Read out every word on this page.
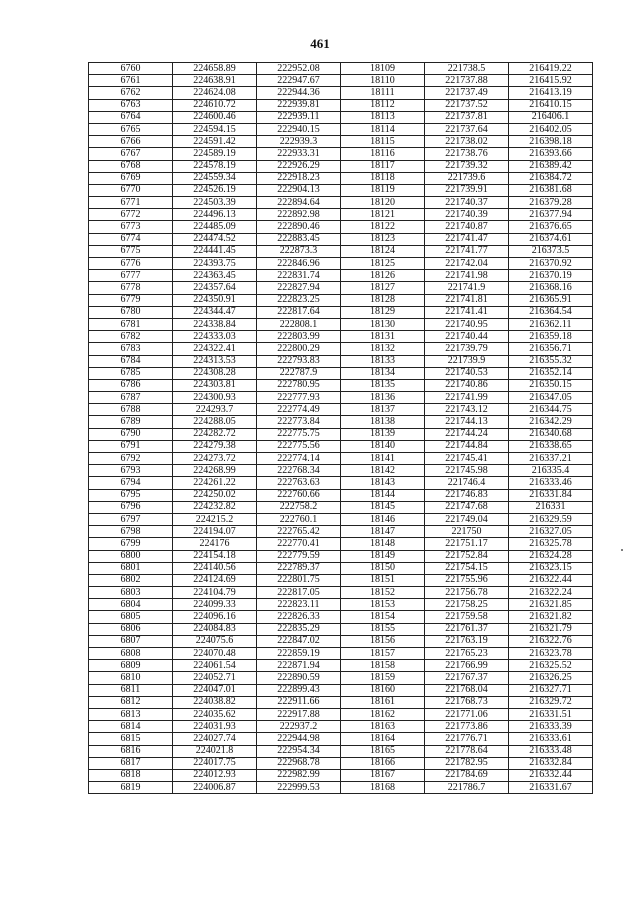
461
6760	224658.89	222952.08	18109	221738.5	216419.22
6761	224638.91	222947.67	18110	221737.88	216415.92
6762	224624.08	222944.36	18111	221737.49	216413.19
6763	224610.72	222939.81	18112	221737.52	216410.15
6764	224600.46	222939.11	18113	221737.81	216406.1
6765	224594.15	222940.15	18114	221737.64	216402.05
6766	224591.42	222939.3	18115	221738.02	216398.18
6767	224589.19	222933.31	18116	221738.76	216393.66
6768	224578.19	222926.29	18117	221739.32	216389.42
6769	224559.34	222918.23	18118	221739.6	216384.72
6770	224526.19	222904.13	18119	221739.91	216381.68
6771	224503.39	222894.64	18120	221740.37	216379.28
6772	224496.13	222892.98	18121	221740.39	216377.94
6773	224485.09	222890.46	18122	221740.87	216376.65
6774	224474.52	222883.45	18123	221741.47	216374.61
6775	224441.45	222873.3	18124	221741.77	216373.5
6776	224393.75	222846.96	18125	221742.04	216370.92
6777	224363.45	222831.74	18126	221741.98	216370.19
6778	224357.64	222827.94	18127	221741.9	216368.16
6779	224350.91	222823.25	18128	221741.81	216365.91
6780	224344.47	222817.64	18129	221741.41	216364.54
6781	224338.84	222808.1	18130	221740.95	216362.11
6782	224333.03	222803.99	18131	221740.44	216359.18
6783	224322.41	222800.29	18132	221739.79	216356.71
6784	224313.53	222793.83	18133	221739.9	216355.32
6785	224308.28	222787.9	18134	221740.53	216352.14
6786	224303.81	222780.95	18135	221740.86	216350.15
6787	224300.93	222777.93	18136	221741.99	216347.05
6788	224293.7	222774.49	18137	221743.12	216344.75
6789	224288.05	222773.84	18138	221744.13	216342.29
6790	224282.72	222775.75	18139	221744.24	216340.68
6791	224279.38	222775.56	18140	221744.84	216338.65
6792	224273.72	222774.14	18141	221745.41	216337.21
6793	224268.99	222768.34	18142	221745.98	216335.4
6794	224261.22	222763.63	18143	221746.4	216333.46
6795	224250.02	222760.66	18144	221746.83	216331.84
6796	224232.82	222758.2	18145	221747.68	216331
6797	224215.2	222760.1	18146	221749.04	216329.59
6798	224194.07	222765.42	18147	221750	216327.05
6799	224176	222770.41	18148	221751.17	216325.78
6800	224154.18	222779.59	18149	221752.84	216324.28
6801	224140.56	222789.37	18150	221754.15	216323.15
6802	224124.69	222801.75	18151	221755.96	216322.44
6803	224104.79	222817.05	18152	221756.78	216322.24
6804	224099.33	222823.11	18153	221758.25	216321.85
6805	224096.16	222826.33	18154	221759.58	216321.82
6806	224084.83	222835.29	18155	221761.37	216321.79
6807	224075.6	222847.02	18156	221763.19	216322.76
6808	224070.48	222859.19	18157	221765.23	216323.78
6809	224061.54	222871.94	18158	221766.99	216325.52
6810	224052.71	222890.59	18159	221767.37	216326.25
6811	224047.01	222899.43	18160	221768.04	216327.71
6812	224038.82	222911.66	18161	221768.73	216329.72
6813	224035.62	222917.88	18162	221771.06	216331.51
6814	224031.93	222937.2	18163	221773.86	216333.39
6815	224027.74	222944.98	18164	221776.71	216333.61
6816	224021.8	222954.34	18165	221778.64	216333.48
6817	224017.75	222968.78	18166	221782.95	216332.84
6818	224012.93	222982.99	18167	221784.69	216332.44
6819	224006.87	222999.53	18168	221786.7	216331.67
